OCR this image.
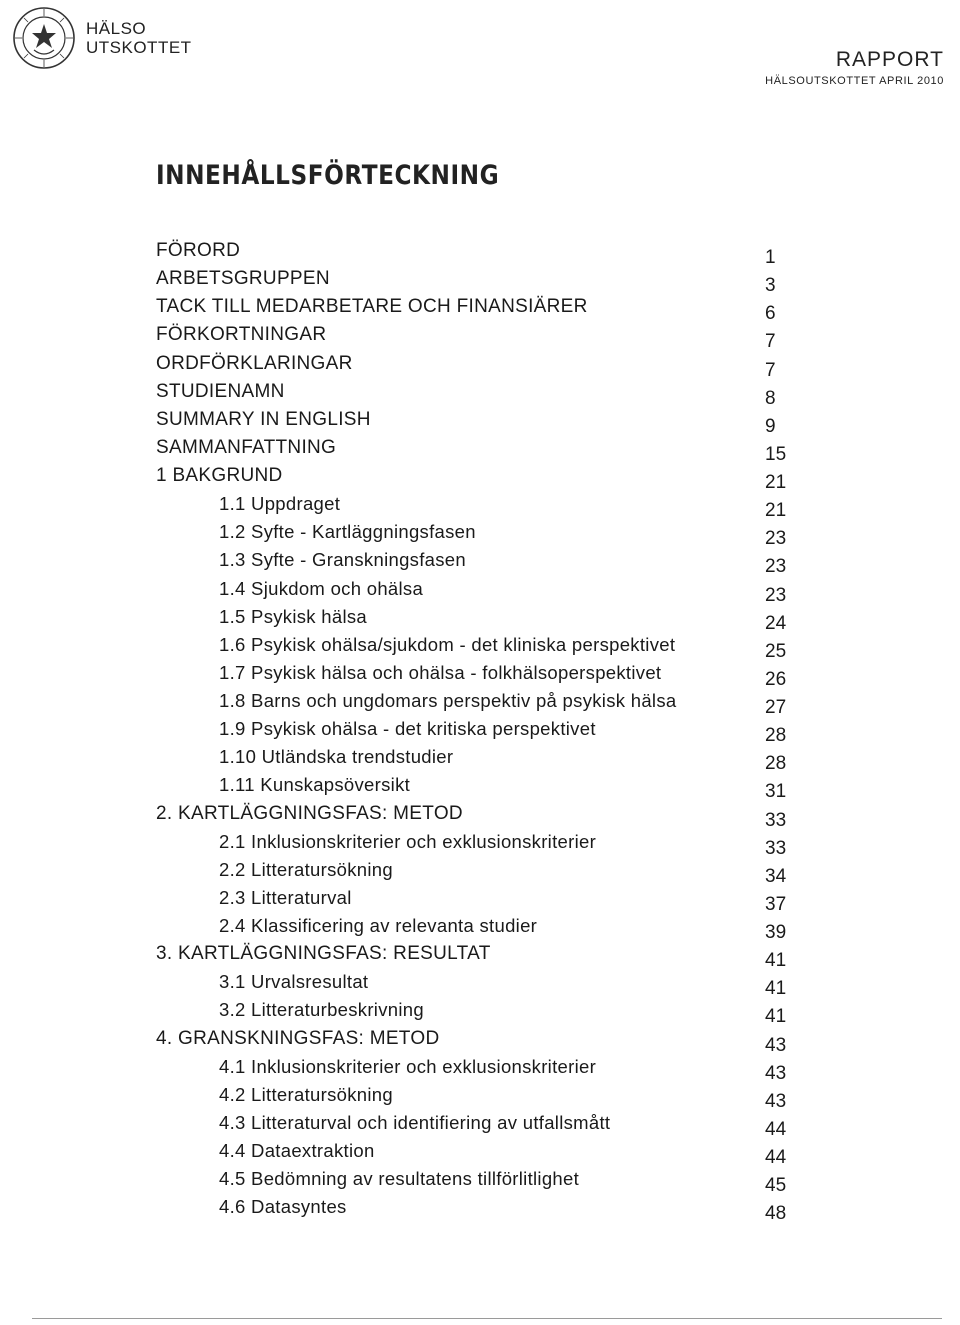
HÄLSO
UTSKOTTET
RAPPORT
HÄLSOUTSKOTTET APRIL 2010
INNEHÅLLSFÖRTECKNING
FÖRORD	1
ARBETSGRUPPEN	3
TACK TILL MEDARBETARE OCH FINANSIÄRER	6
FÖRKORTNINGAR	7
ORDFÖRKLARINGAR	7
STUDIENAMN	8
SUMMARY IN ENGLISH	9
SAMMANFATTNING	15
1 BAKGRUND	21
1.1 Uppdraget	21
1.2 Syfte - Kartläggningsfasen	23
1.3 Syfte - Granskningsfasen	23
1.4 Sjukdom och ohälsa	23
1.5 Psykisk hälsa	24
1.6 Psykisk ohälsa/sjukdom - det kliniska perspektivet	25
1.7 Psykisk hälsa och ohälsa - folkhälsoperspektivet	26
1.8 Barns och ungdomars perspektiv på psykisk hälsa	27
1.9 Psykisk ohälsa - det kritiska perspektivet	28
1.10 Utländska trendstudier	28
1.11 Kunskapsöversikt	31
2. KARTLÄGGNINGSFAS: METOD	33
2.1 Inklusionskriterier och exklusionskriterier	33
2.2 Litteratursökning	34
2.3 Litteraturval	37
2.4 Klassificering av relevanta studier	39
3. KARTLÄGGNINGSFAS: RESULTAT	41
3.1 Urvalsresultat	41
3.2 Litteraturbeskrivning	41
4. GRANSKNINGSFAS: METOD	43
4.1 Inklusionskriterier och exklusionskriterier	43
4.2 Litteratursökning	43
4.3 Litteraturval och identifiering av utfallsmått	44
4.4 Dataextraktion	44
4.5 Bedömning av resultatens tillförlitlighet	45
4.6 Datasyntes	48
